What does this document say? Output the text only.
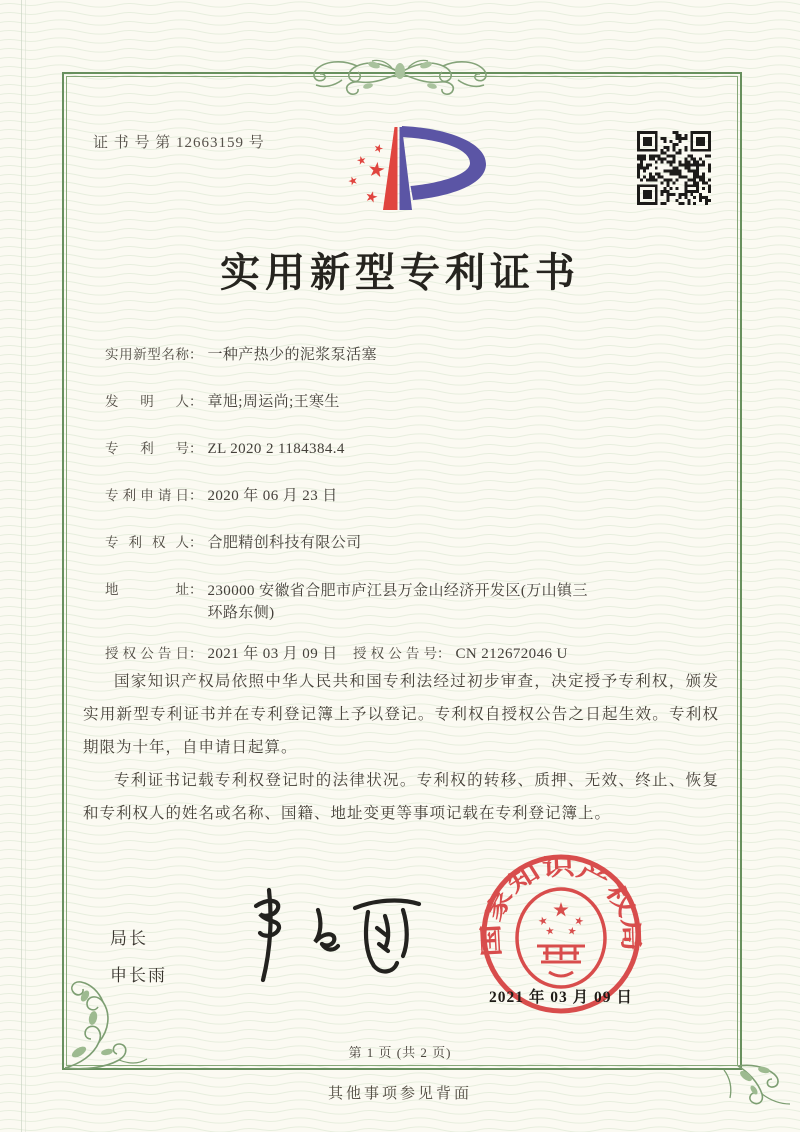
证 书 号 第 12663159 号
实用新型专利证书
实用新型名称： 一种产热少的泥浆泵活塞
发明人： 章旭;周运尚;王寒生
专利号： ZL 2020 2 1184384.4
专利申请日： 2020 年 06 月 23 日
专利权人： 合肥精创科技有限公司
地址： 230000 安徽省合肥市庐江县万金山经济开发区(万山镇三环路东侧)
授权公告日： 2021 年 03 月 09 日	授权公告号： CN 212672046 U

国家知识产权局依照中华人民共和国专利法经过初步审查，决定授予专利权，颁发实用新型专利证书并在专利登记簿上予以登记。专利权自授权公告之日起生效。专利权期限为十年，自申请日起算。

专利证书记载专利权登记时的法律状况。专利权的转移、质押、无效、终止、恢复和专利权人的姓名或名称、国籍、地址变更等事项记载在专利登记簿上。

局长
申长雨
国家知识产权局
2021 年 03 月 09 日
第 1 页 (共 2 页)
其他事项参见背面
